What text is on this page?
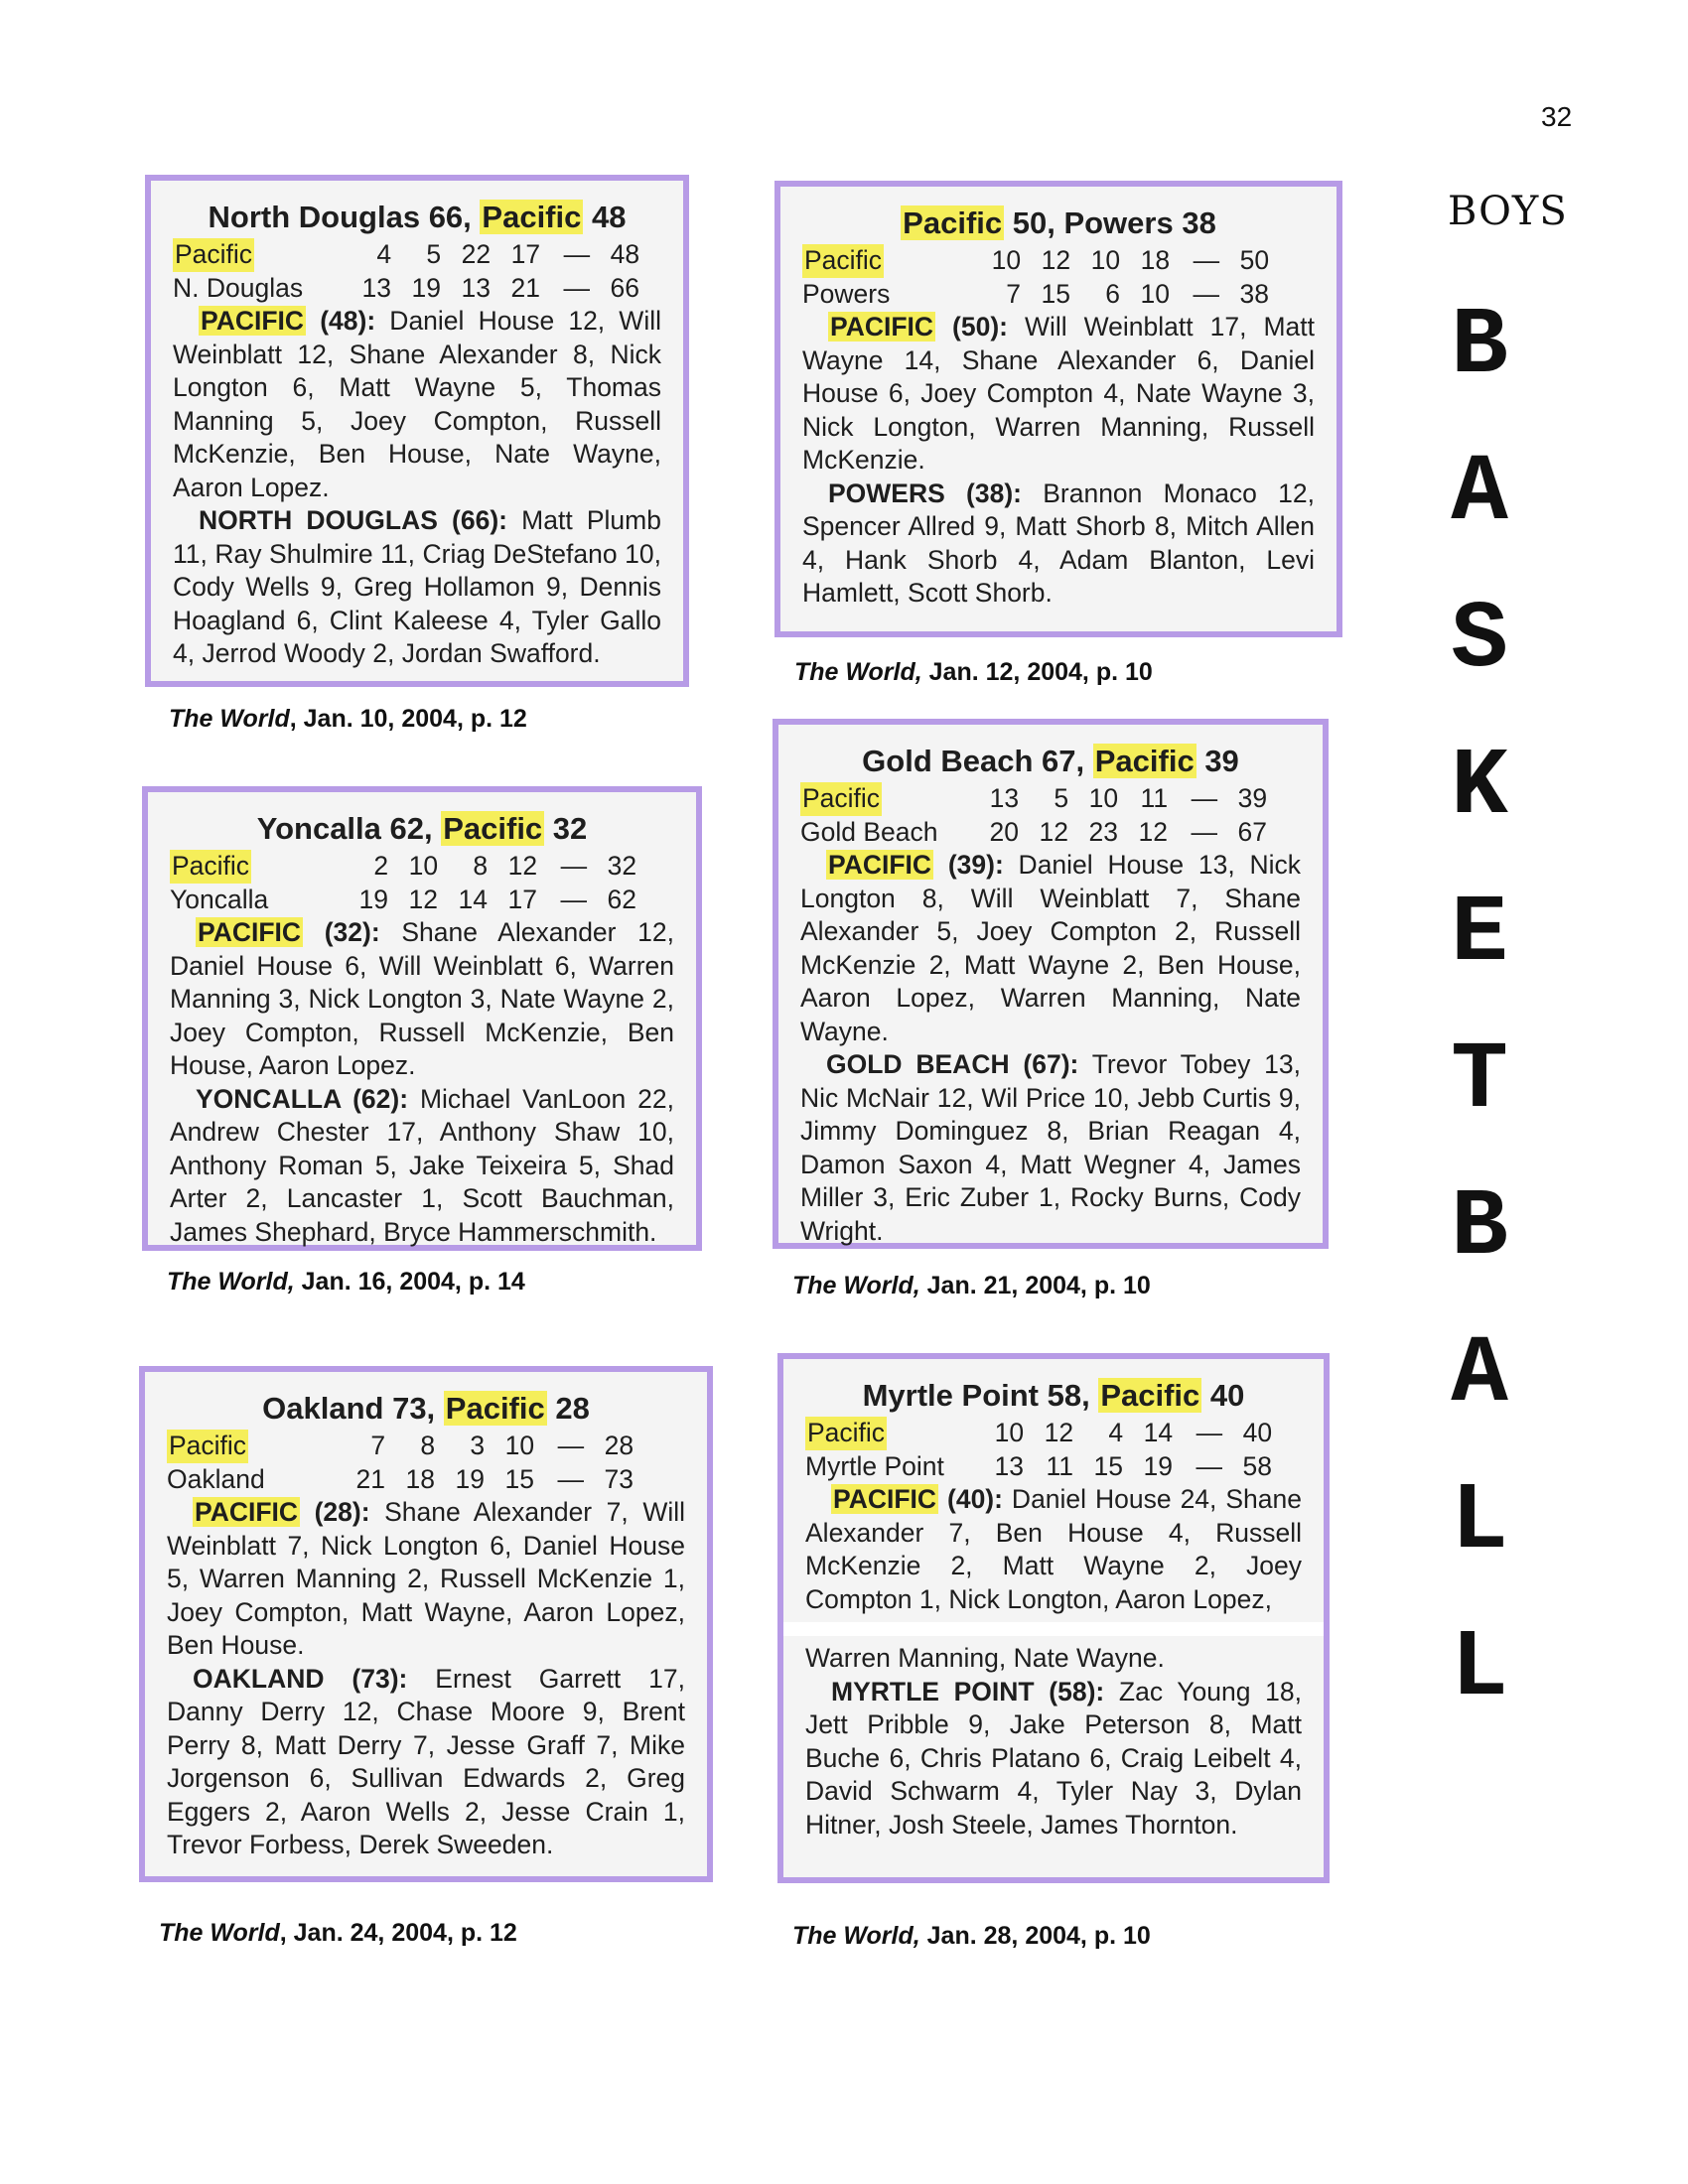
32
BOYS
B
A
S
K
E
T
B
A
L
L
North Douglas 66, Pacific 48
Pacific	4	5 22 17 — 48
N. Douglas	13 19 13 21 — 66
PACIFIC (48): Daniel House 12, Will Weinblatt 12, Shane Alexander 8, Nick Longton 6, Matt Wayne 5, Thomas Manning 5, Joey Compton, Russell McKenzie, Ben House, Nate Wayne, Aaron Lopez.
NORTH DOUGLAS (66): Matt Plumb 11, Ray Shulmire 11, Criag DeStefano 10, Cody Wells 9, Greg Hollamon 9, Dennis Hoagland 6, Clint Kaleese 4, Tyler Gallo 4, Jerrod Woody 2, Jordan Swafford.
The World, Jan. 10, 2004, p. 12
Pacific 50, Powers 38
Pacific	10 12 10 18 — 50
Powers	7 15	6 10 — 38
PACIFIC (50): Will Weinblatt 17, Matt Wayne 14, Shane Alexander 6, Daniel House 6, Joey Compton 4, Nate Wayne 3, Nick Longton, Warren Manning, Russell McKenzie.
POWERS (38): Brannon Monaco 12, Spencer Allred 9, Matt Shorb 8, Mitch Allen 4, Hank Shorb 4, Adam Blanton, Levi Hamlett, Scott Shorb.
The World, Jan. 12, 2004, p. 10
Yoncalla 62, Pacific 32
Pacific	2 10	8 12 — 32
Yoncalla	19 12 14 17 — 62
PACIFIC (32): Shane Alexander 12, Daniel House 6, Will Weinblatt 6, Warren Manning 3, Nick Longton 3, Nate Wayne 2, Joey Compton, Russell McKenzie, Ben House, Aaron Lopez.
YONCALLA (62): Michael VanLoon 22, Andrew Chester 17, Anthony Shaw 10, Anthony Roman 5, Jake Teixeira 5, Shad Arter 2, Lancaster 1, Scott Bauchman, James Shephard, Bryce Hammerschmith.
The World, Jan. 16, 2004, p. 14
Gold Beach 67, Pacific 39
Pacific	13	5 10 11 — 39
Gold Beach	20 12 23 12 — 67
PACIFIC (39): Daniel House 13, Nick Longton 8, Will Weinblatt 7, Shane Alexander 5, Joey Compton 2, Russell McKenzie 2, Matt Wayne 2, Ben House, Aaron Lopez, Warren Manning, Nate Wayne.
GOLD BEACH (67): Trevor Tobey 13, Nic McNair 12, Wil Price 10, Jebb Curtis 9, Jimmy Dominguez 8, Brian Reagan 4, Damon Saxon 4, Matt Wegner 4, James Miller 3, Eric Zuber 1, Rocky Burns, Cody Wright.
The World, Jan. 21, 2004, p. 10
Oakland 73, Pacific 28
Pacific	7	8	3 10 — 28
Oakland	21 18 19 15 — 73
PACIFIC (28): Shane Alexander 7, Will Weinblatt 7, Nick Longton 6, Daniel House 5, Warren Manning 2, Russell McKenzie 1, Joey Compton, Matt Wayne, Aaron Lopez, Ben House.
OAKLAND (73): Ernest Garrett 17, Danny Derry 12, Chase Moore 9, Brent Perry 8, Matt Derry 7, Jesse Graff 7, Mike Jorgenson 6, Sullivan Edwards 2, Greg Eggers 2, Aaron Wells 2, Jesse Crain 1, Trevor Forbess, Derek Sweeden.
The World, Jan. 24, 2004, p. 12
Myrtle Point 58, Pacific 40
Pacific	10 12	4 14 — 40
Myrtle Point	13 11 15 19 — 58
PACIFIC (40): Daniel House 24, Shane Alexander 7, Ben House 4, Russell McKenzie 2, Matt Wayne 2, Joey Compton 1, Nick Longton, Aaron Lopez,
Warren Manning, Nate Wayne.
MYRTLE POINT (58): Zac Young 18, Jett Pribble 9, Jake Peterson 8, Matt Buche 6, Chris Platano 6, Craig Leibelt 4, David Schwarm 4, Tyler Nay 3, Dylan Hitner, Josh Steele, James Thornton.
The World, Jan. 28, 2004, p. 10
